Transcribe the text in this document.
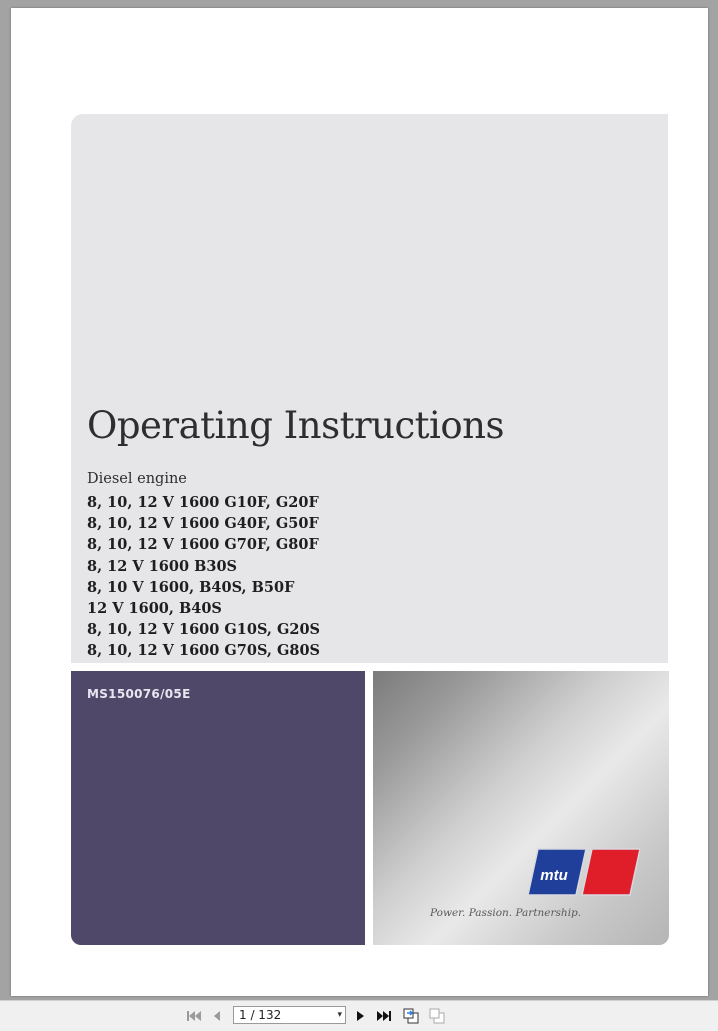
Operating Instructions
Diesel engine
8, 10, 12 V 1600 G10F, G20F
8, 10, 12 V 1600 G40F, G50F
8, 10, 12 V 1600 G70F, G80F
8, 12 V 1600 B30S
8, 10 V 1600, B40S, B50F
12 V 1600, B40S
8, 10, 12 V 1600 G10S, G20S
8, 10, 12 V 1600 G70S, G80S
MS150076/05E
mtu
Power. Passion. Partnership.
1 / 132	▾
